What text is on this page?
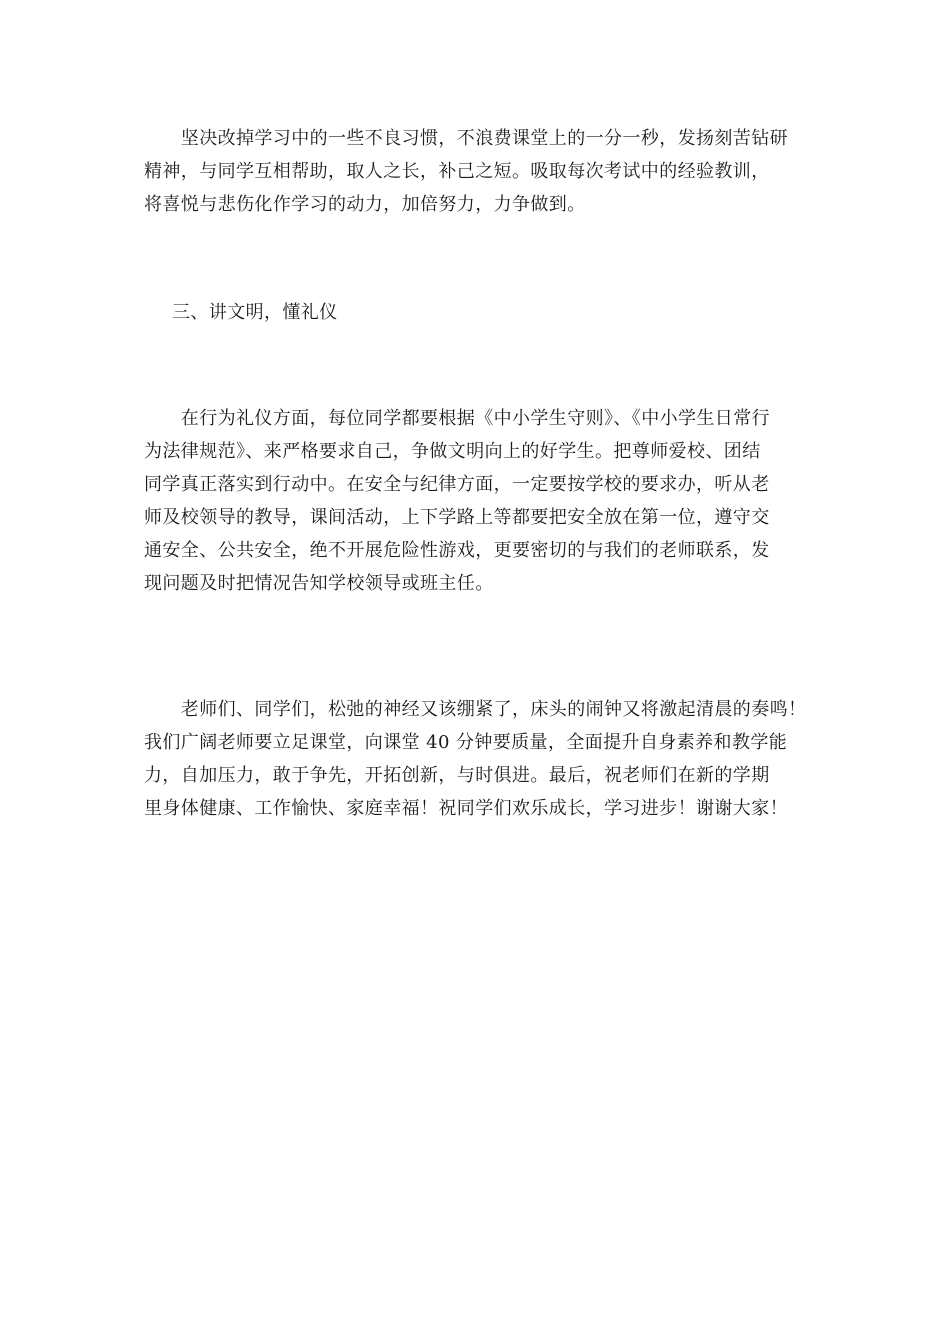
　　坚决改掉学习中的一些不良习惯，不浪费课堂上的一分一秒，发扬刻苦钻研
精神，与同学互相帮助，取人之长，补己之短。吸取每次考试中的经验教训，
将喜悦与悲伤化作学习的动力，加倍努力，力争做到。

三、讲文明，懂礼仪

　　在行为礼仪方面，每位同学都要根据《中小学生守则》、《中小学生日常行
为法律规范》、来严格要求自己，争做文明向上的好学生。把尊师爱校、团结
同学真正落实到行动中。在安全与纪律方面，一定要按学校的要求办，听从老
师及校领导的教导，课间活动，上下学路上等都要把安全放在第一位，遵守交
通安全、公共安全，绝不开展危险性游戏，更要密切的与我们的老师联系，发
现问题及时把情况告知学校领导或班主任。

　　老师们、同学们，松弛的神经又该绷紧了，床头的闹钟又将激起清晨的奏鸣！
我们广阔老师要立足课堂，向课堂 40 分钟要质量，全面提升自身素养和教学能
力，自加压力，敢于争先，开拓创新，与时俱进。最后，祝老师们在新的学期
里身体健康、工作愉快、家庭幸福！祝同学们欢乐成长，学习进步！谢谢大家！
